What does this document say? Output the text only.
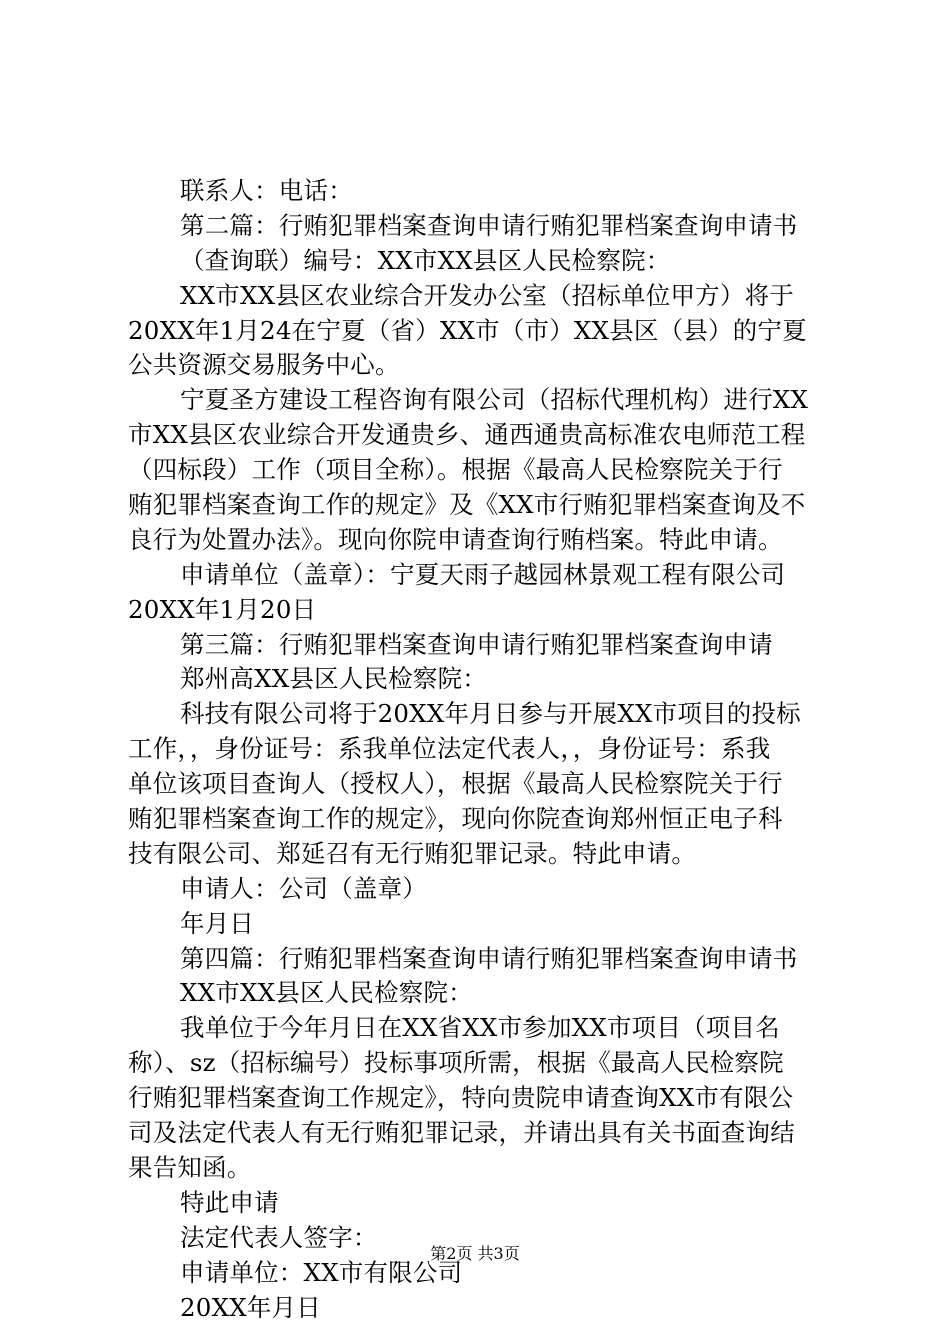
联系人：电话：
第二篇：行贿犯罪档案查询申请行贿犯罪档案查询申请书
（查询联）编号：XX市XX县区人民检察院：
XX市XX县区农业综合开发办公室（招标单位甲方）将于
20XX年1月24在宁夏（省）XX市（市）XX县区（县）的宁夏
公共资源交易服务中心。
宁夏圣方建设工程咨询有限公司（招标代理机构）进行XX
市XX县区农业综合开发通贵乡、通西通贵高标准农电师范工程
（四标段）工作（项目全称）。根据《最高人民检察院关于行
贿犯罪档案查询工作的规定》及《XX市行贿犯罪档案查询及不
良行为处置办法》。现向你院申请查询行贿档案。特此申请。
申请单位（盖章）：宁夏天雨子越园林景观工程有限公司
20XX年1月20日
第三篇：行贿犯罪档案查询申请行贿犯罪档案查询申请
郑州高XX县区人民检察院：
科技有限公司将于20XX年月日参与开展XX市项目的投标
工作，，身份证号：系我单位法定代表人，，身份证号：系我
单位该项目查询人（授权人），根据《最高人民检察院关于行
贿犯罪档案查询工作的规定》，现向你院查询郑州恒正电子科
技有限公司、郑延召有无行贿犯罪记录。特此申请。
申请人：公司（盖章）
年月日
第四篇：行贿犯罪档案查询申请行贿犯罪档案查询申请书
XX市XX县区人民检察院：
我单位于今年月日在XX省XX市参加XX市项目（项目名
称）、sz（招标编号）投标事项所需，根据《最高人民检察院
行贿犯罪档案查询工作规定》，特向贵院申请查询XX市有限公
司及法定代表人有无行贿犯罪记录，并请出具有关书面查询结
果告知函。
特此申请
法定代表人签字：
申请单位：XX市有限公司
20XX年月日
第2页 共3页
